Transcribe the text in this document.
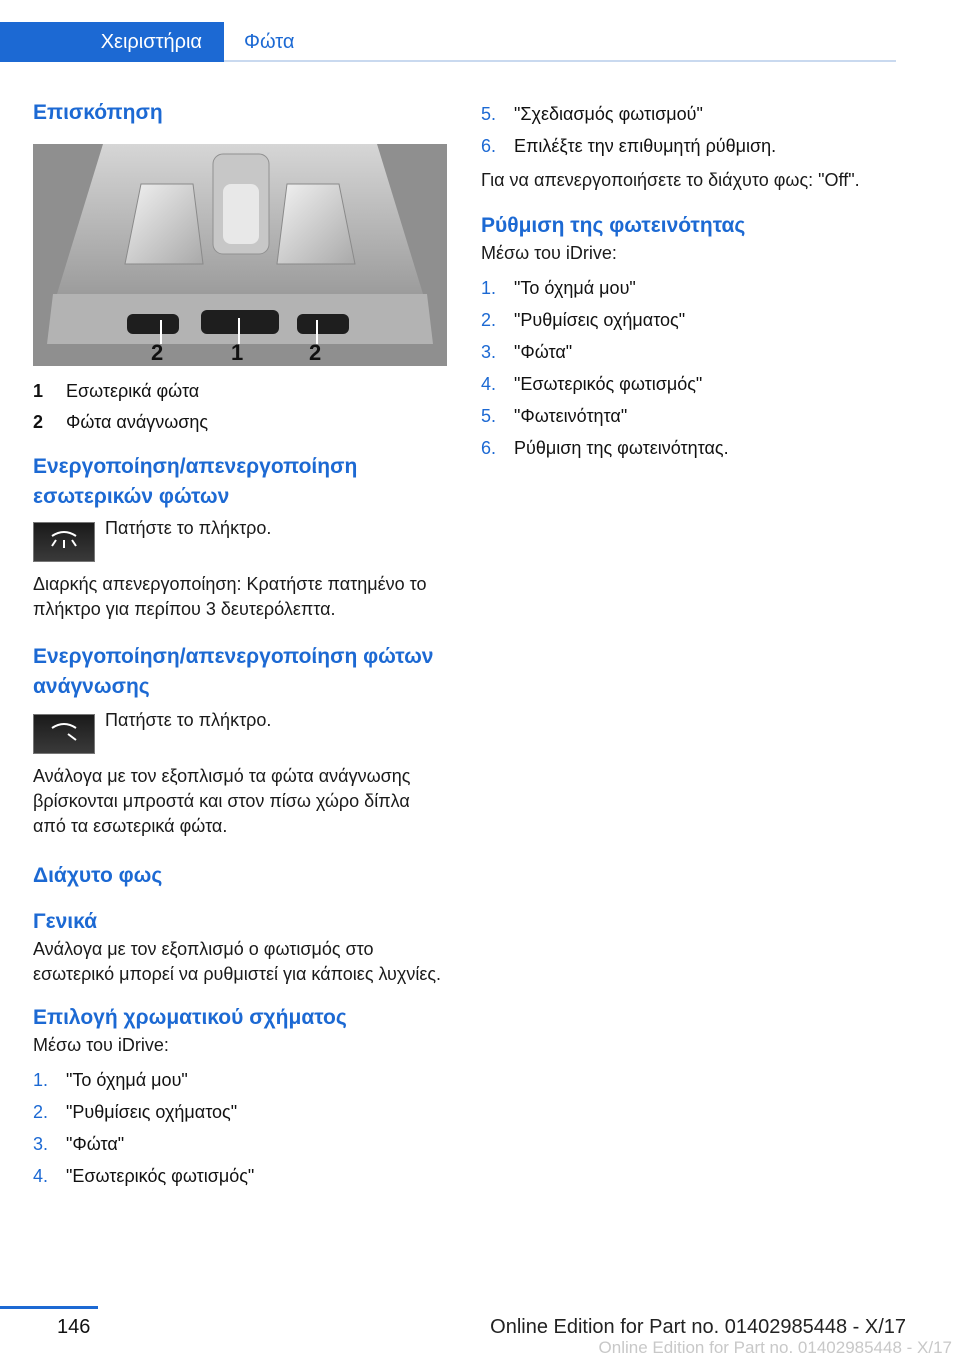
Χειριστήρια Φώτα
Επισκόπηση
2	1	2
1	Εσωτερικά φώτα
2	Φώτα ανάγνωσης
Ενεργοποίηση/απενεργοποίηση εσωτερικών φώτων

Πατήστε το πλήκτρο.

Διαρκής απενεργοποίηση: Κρατήστε πατημένο το πλήκτρο για περίπου 3 δευτερόλεπτα.

Ενεργοποίηση/απενεργοποίηση φώτων ανάγνωσης

Πατήστε το πλήκτρο.

Ανάλογα με τον εξοπλισμό τα φώτα ανάγνωσης βρίσκονται μπροστά και στον πίσω χώρο δίπλα από τα εσωτερικά φώτα.

Διάχυτο φως
Γενικά

Ανάλογα με τον εξοπλισμό ο φωτισμός στο εσωτερικό μπορεί να ρυθμιστεί για κάποιες λυχνίες.

Επιλογή χρωματικού σχήματος

Μέσω του iDrive:

1. "Το όχημά μου"
2. "Ρυθμίσεις οχήματος"
3. "Φώτα"
4. "Εσωτερικός φωτισμός"
5. "Σχεδιασμός φωτισμού"
6. Επιλέξτε την επιθυμητή ρύθμιση.

Για να απενεργοποιήσετε το διάχυτο φως: "Off".

Ρύθμιση της φωτεινότητας

Μέσω του iDrive:

1. "Το όχημά μου"
2. "Ρυθμίσεις οχήματος"
3. "Φώτα"
4. "Εσωτερικός φωτισμός"
5. "Φωτεινότητα"
6. Ρύθμιση της φωτεινότητας.
146	Online Edition for Part no. 01402985448 - X/17
Online Edition for Part no. 01402985448 - X/17
